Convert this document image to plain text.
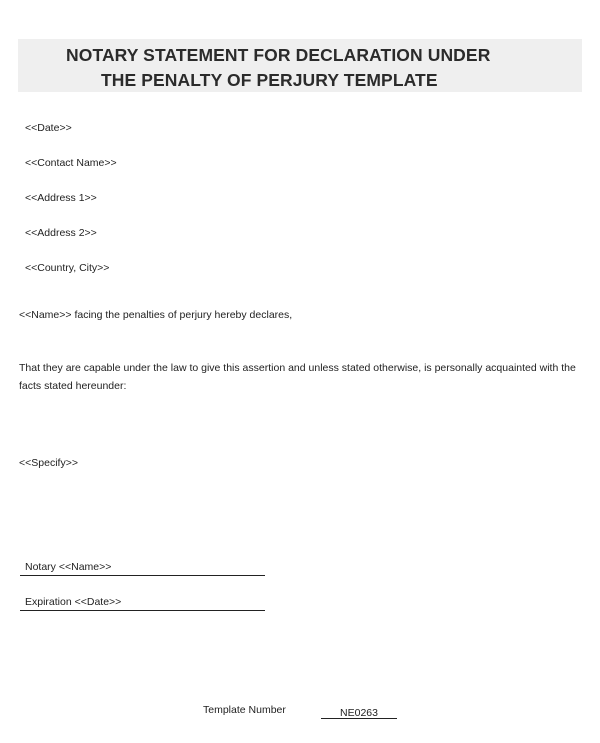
NOTARY STATEMENT FOR DECLARATION UNDER
THE PENALTY OF PERJURY TEMPLATE
<<Date>>
<<Contact Name>>
<<Address 1>>
<<Address 2>>
<<Country, City>>
<<Name>> facing the penalties of perjury hereby declares,
That they are capable under the law to give this assertion and unless stated otherwise, is personally acquainted with the facts stated hereunder:
<<Specify>>
Notary <<Name>>
Expiration <<Date>>
Template Number	NE0263
